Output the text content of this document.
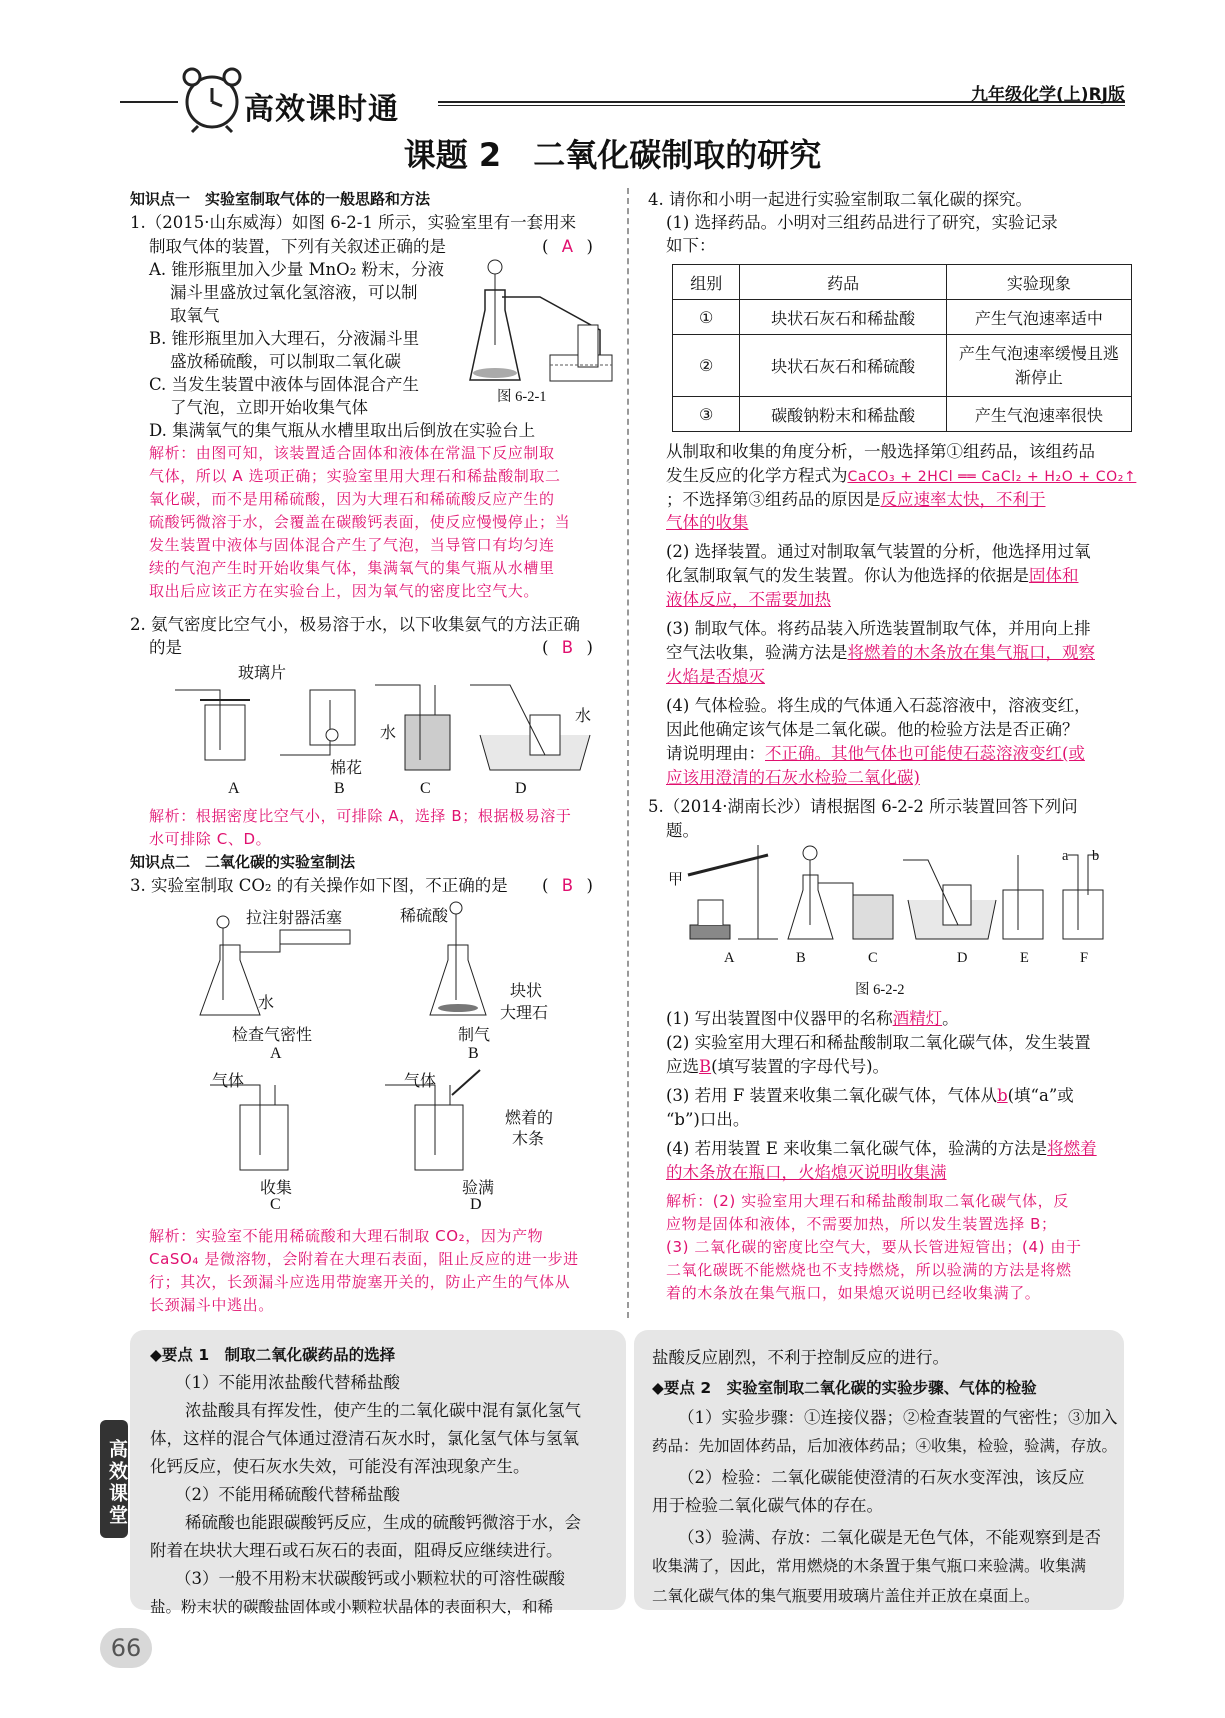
高效课时通	九年级化学(上)RJ版
课题 2　二氧化碳制取的研究
知识点一　实验室制取气体的一般思路和方法
1.（2015·山东威海）如图 6-2-1 所示，实验室里有一套用来
制取气体的装置，下列有关叙述正确的是	( A )
A. 锥形瓶里加入少量 MnO₂ 粉末，分液
漏斗里盛放过氧化氢溶液，可以制
取氧气
B. 锥形瓶里加入大理石，分液漏斗里
盛放稀硫酸，可以制取二氧化碳
C. 当发生装置中液体与固体混合产生
了气泡，立即开始收集气体
D. 集满氧气的集气瓶从水槽里取出后倒放在实验台上
图 6-2-1
解析：由图可知，该装置适合固体和液体在常温下反应制取
气体，所以 A 选项正确；实验室里用大理石和稀盐酸制取二
氧化碳，而不是用稀硫酸，因为大理石和稀硫酸反应产生的
硫酸钙微溶于水，会覆盖在碳酸钙表面，使反应慢慢停止；当
发生装置中液体与固体混合产生了气泡，当导管口有均匀连
续的气泡产生时开始收集气体，集满氧气的集气瓶从水槽里
取出后应该正方在实验台上，因为氧气的密度比空气大。
2. 氨气密度比空气小，极易溶于水，以下收集氨气的方法正确
的是	( B )
玻璃片
棉花
水
水
A	B	C	D
解析：根据密度比空气小，可排除 A，选择 B；根据极易溶于
水可排除 C、D。
知识点二　二氧化碳的实验室制法
3. 实验室制取 CO₂ 的有关操作如下图，不正确的是 ( B )
拉注射器活塞	稀硫酸
水
块状
大理石
检查气密性
A
制气
B
气体	气体
燃着的
木条
收集
C
验满
D
解析：实验室不能用稀硫酸和大理石制取 CO₂，因为产物
CaSO₄ 是微溶物，会附着在大理石表面，阻止反应的进一步进
行；其次，长颈漏斗应选用带旋塞开关的，防止产生的气体从
长颈漏斗中逃出。
4. 请你和小明一起进行实验室制取二氧化碳的探究。
(1) 选择药品。小明对三组药品进行了研究，实验记录
如下：
组别	药品	实验现象
①	块状石灰石和稀盐酸	产生气泡速率适中
②	块状石灰石和稀硫酸	产生气泡速率缓慢且逃渐停止
③	碳酸钠粉末和稀盐酸	产生气泡速率很快
从制取和收集的角度分析，一般选择第①组药品，该组药品
发生反应的化学方程式为CaCO₃ + 2HCl ══ CaCl₂ + H₂O + CO₂↑
；不选择第③组药品的原因是反应速率太快，不利于
气体的收集
(2) 选择装置。通过对制取氧气装置的分析，他选择用过氧
化氢制取氧气的发生装置。你认为他选择的依据是固体和
液体反应，不需要加热
(3) 制取气体。将药品装入所选装置制取气体，并用向上排
空气法收集，验满方法是将燃着的木条放在集气瓶口，观察
火焰是否熄灭
(4) 气体检验。将生成的气体通入石蕊溶液中，溶液变红，
因此他确定该气体是二氧化碳。他的检验方法是否正确？
请说明理由：不正确。其他气体也可能使石蕊溶液变红(或
应该用澄清的石灰水检验二氧化碳)
5.（2014·湖南长沙）请根据图 6-2-2 所示装置回答下列问
题。
甲
a b
A	B	C	D	E	F
图 6-2-2
(1) 写出装置图中仪器甲的名称酒精灯。
(2) 实验室用大理石和稀盐酸制取二氧化碳气体，发生装置
应选B(填写装置的字母代号)。
(3) 若用 F 装置来收集二氧化碳气体，气体从b(填“a”或
“b”)口出。
(4) 若用装置 E 来收集二氧化碳气体，验满的方法是将燃着
的木条放在瓶口，火焰熄灭说明收集满
解析：(2) 实验室用大理石和稀盐酸制取二氧化碳气体，反
应物是固体和液体，不需要加热，所以发生装置选择 B；
(3) 二氧化碳的密度比空气大，要从长管进短管出；(4) 由于
二氧化碳既不能燃烧也不支持燃烧，所以验满的方法是将燃
着的木条放在集气瓶口，如果熄灭说明已经收集满了。
高效课堂
◆要点 1　制取二氧化碳药品的选择
（1）不能用浓盐酸代替稀盐酸
浓盐酸具有挥发性，使产生的二氧化碳中混有氯化氢气
体，这样的混合气体通过澄清石灰水时，氯化氢气体与氢氧
化钙反应，使石灰水失效，可能没有浑浊现象产生。
（2）不能用稀硫酸代替稀盐酸
稀硫酸也能跟碳酸钙反应，生成的硫酸钙微溶于水，会
附着在块状大理石或石灰石的表面，阻碍反应继续进行。
（3）一般不用粉末状碳酸钙或小颗粒状的可溶性碳酸
盐。粉末状的碳酸盐固体或小颗粒状晶体的表面积大，和稀
盐酸反应剧烈，不利于控制反应的进行。
◆要点 2　实验室制取二氧化碳的实验步骤、气体的检验
（1）实验步骤：①连接仪器；②检查装置的气密性；③加入
药品：先加固体药品，后加液体药品；④收集，检验，验满，存放。
（2）检验：二氧化碳能使澄清的石灰水变浑浊，该反应
用于检验二氧化碳气体的存在。
（3）验满、存放：二氧化碳是无色气体，不能观察到是否
收集满了，因此，常用燃烧的木条置于集气瓶口来验满。收集满
二氧化碳气体的集气瓶要用玻璃片盖住并正放在桌面上。
66
